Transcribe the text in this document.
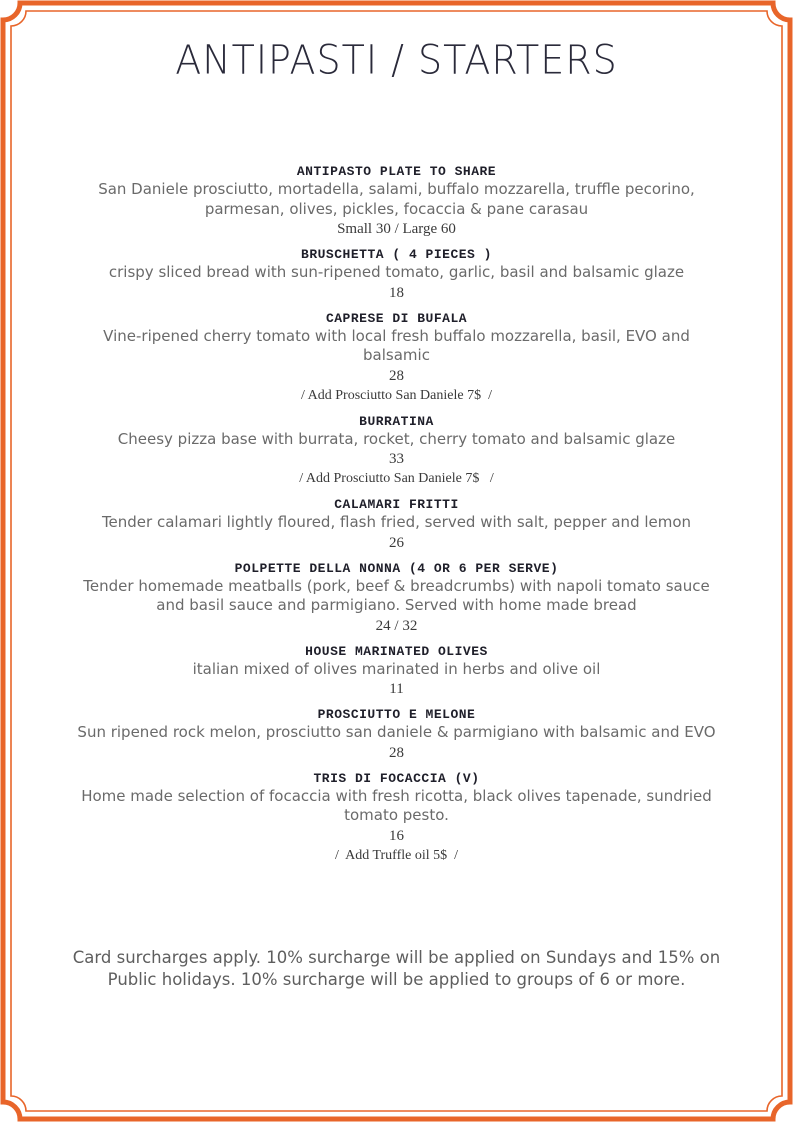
ANTIPASTI / STARTERS
ANTIPASTO PLATE TO SHARE
San Daniele prosciutto, mortadella, salami, buffalo mozzarella, truffle pecorino, parmesan, olives, pickles, focaccia & pane carasau
Small 30 / Large 60
BRUSCHETTA ( 4 PIECES )
crispy sliced bread with sun-ripened tomato, garlic, basil and balsamic glaze
18
CAPRESE DI BUFALA
Vine-ripened cherry tomato with local fresh buffalo mozzarella, basil, EVO and balsamic
28
/ Add Prosciutto San Daniele 7$  /
BURRATINA
Cheesy pizza base with burrata, rocket, cherry tomato and balsamic glaze
33
/ Add Prosciutto San Daniele 7$   /
CALAMARI FRITTI
Tender calamari lightly floured, flash fried, served with salt, pepper and lemon
26
POLPETTE DELLA NONNA (4 OR 6 PER SERVE)
Tender homemade meatballs (pork, beef & breadcrumbs) with napoli tomato sauce and basil sauce and parmigiano. Served with home made bread
24 / 32
HOUSE MARINATED OLIVES
italian mixed of olives marinated in herbs and olive oil
11
PROSCIUTTO E MELONE
Sun ripened rock melon, prosciutto san daniele & parmigiano with balsamic and EVO
28
TRIS DI FOCACCIA (V)
Home made selection of focaccia with fresh ricotta, black olives tapenade, sundried tomato pesto.
16
/  Add Truffle oil 5$  /
Card surcharges apply. 10% surcharge will be applied on Sundays and 15% on Public holidays. 10% surcharge will be applied to groups of 6 or more.
